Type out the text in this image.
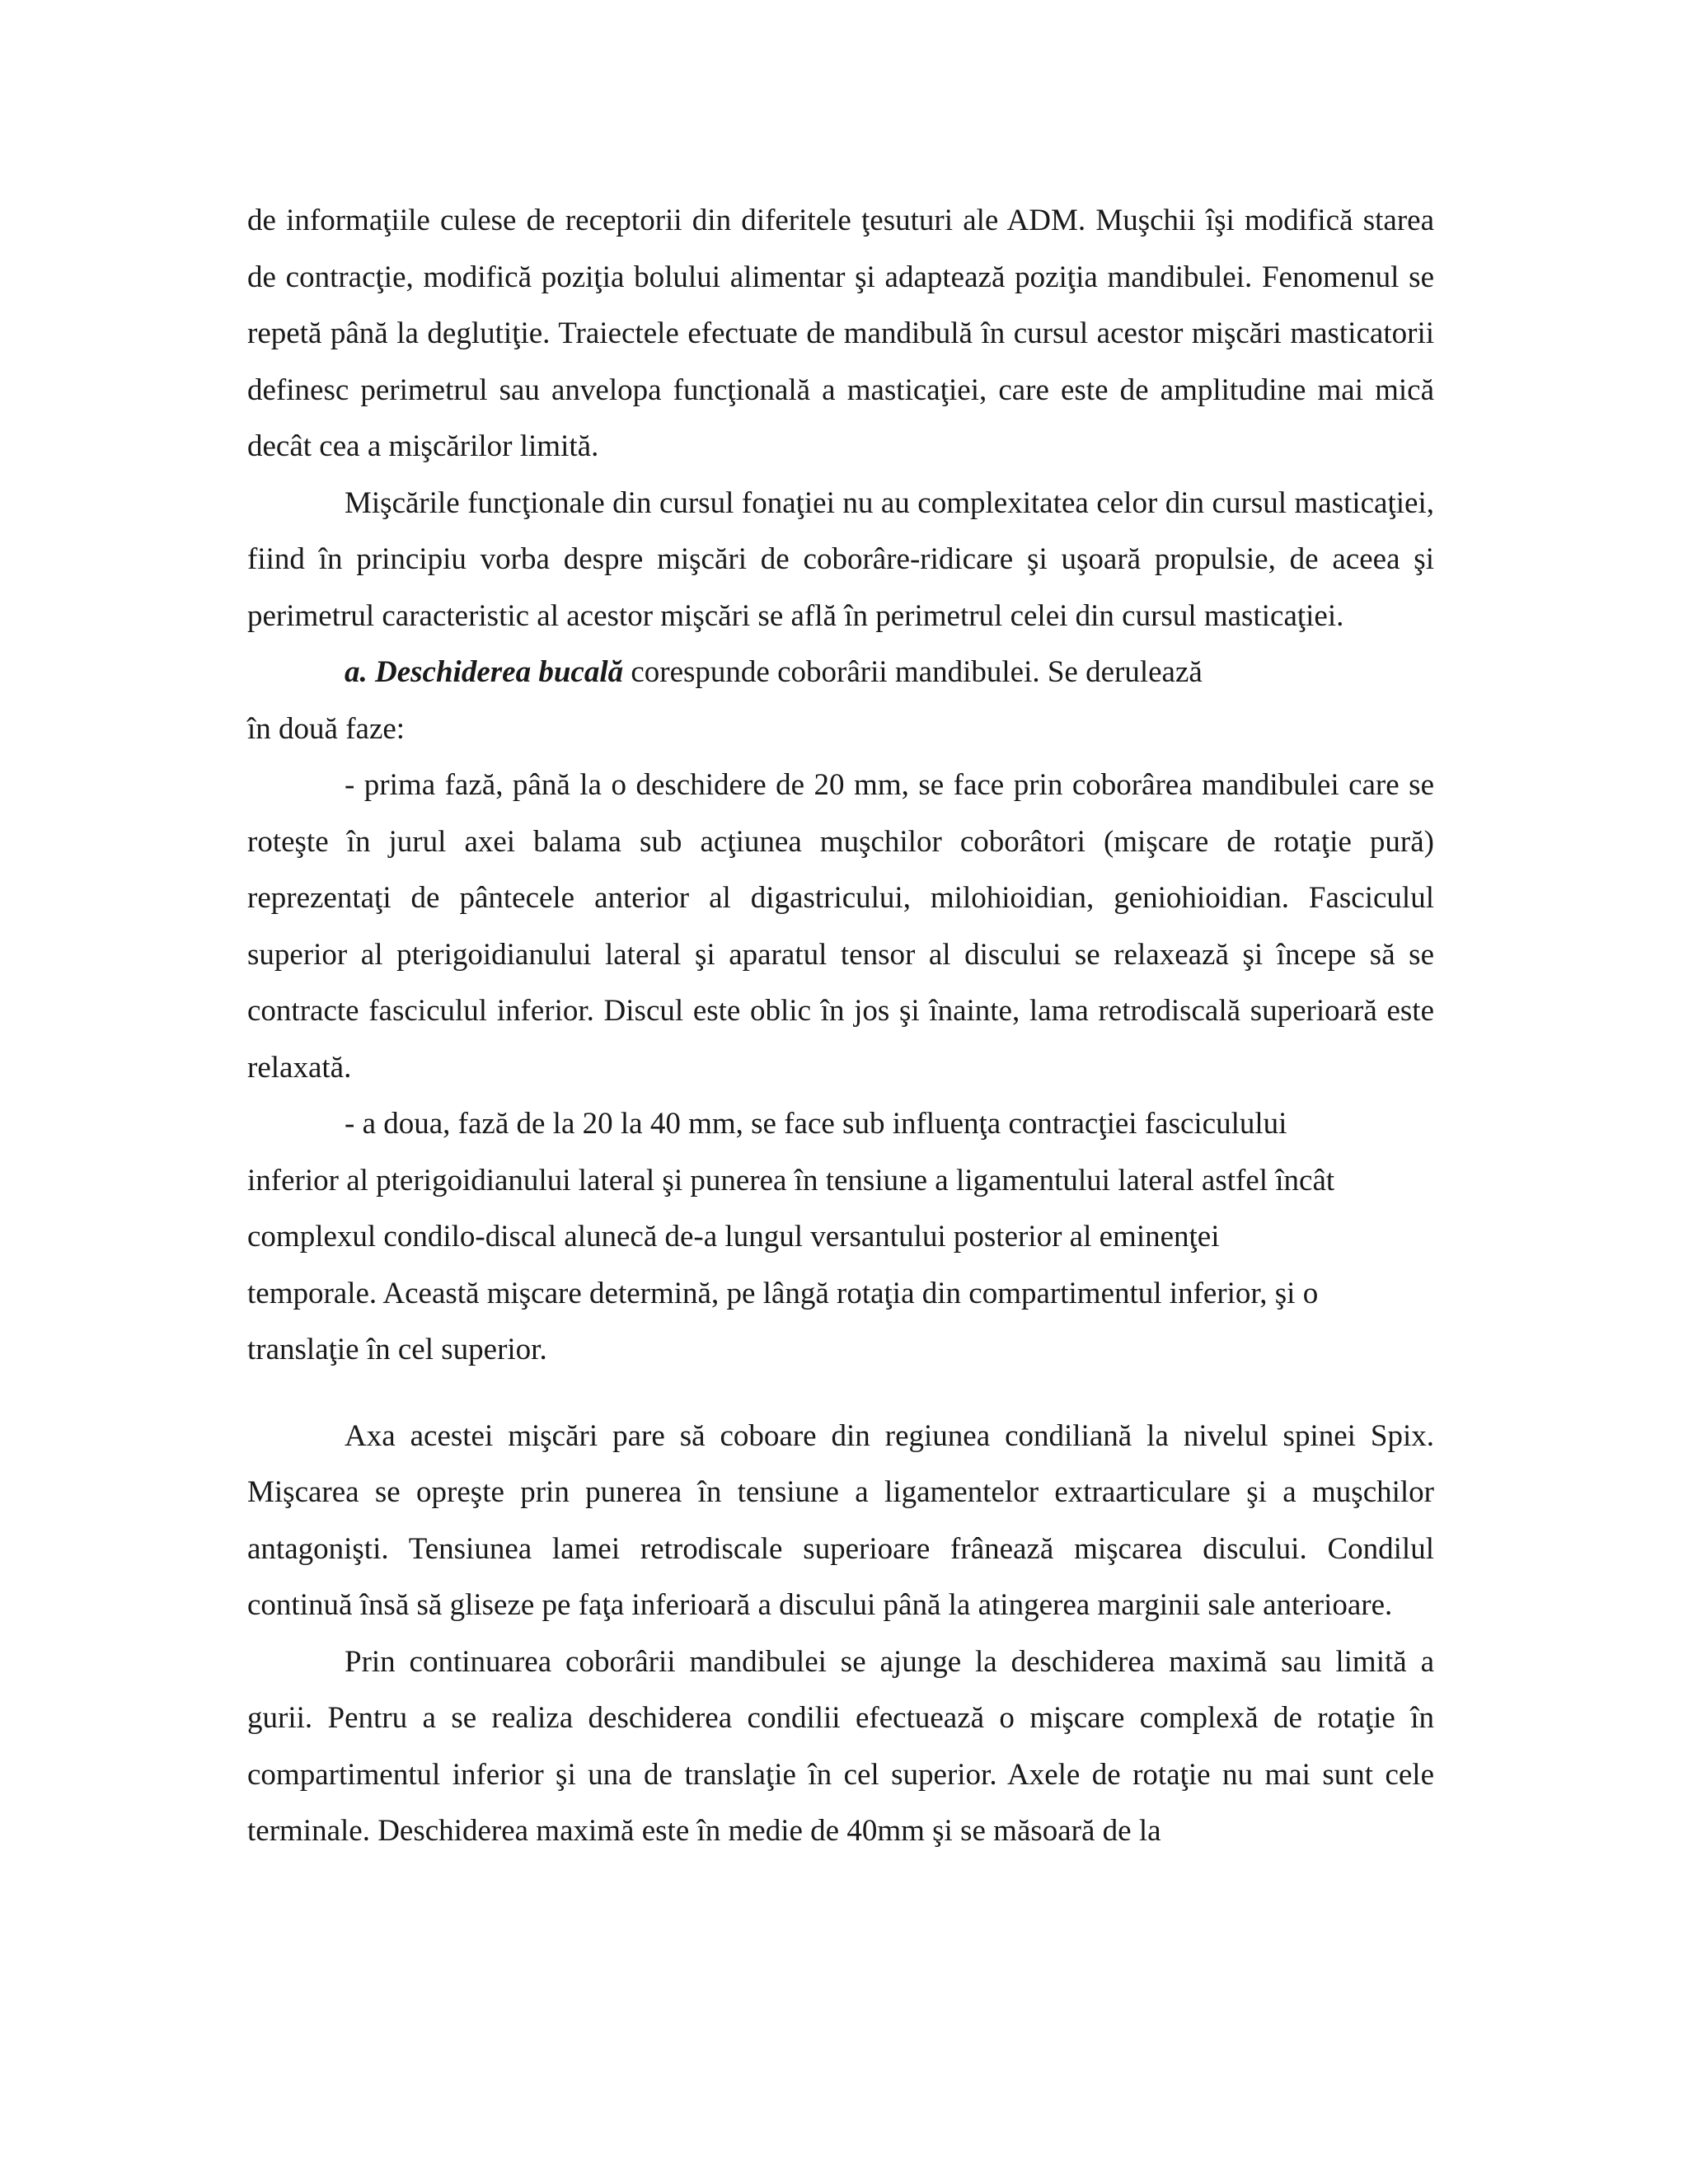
de informaţiile culese de receptorii din diferitele ţesuturi ale ADM. Muşchii îşi modifică starea de contracţie, modifică poziţia bolului alimentar şi adaptează poziţia mandibulei. Fenomenul se repetă până la deglutiţie. Traiectele efectuate de mandibulă în cursul acestor mişcări masticatorii definesc perimetrul sau anvelopa funcţională a masticaţiei, care este de amplitudine mai mică decât cea a mişcărilor limită.

Mişcările funcţionale din cursul fonaţiei nu au complexitatea celor din cursul masticaţiei, fiind în principiu vorba despre mişcări de coborâre-ridicare şi uşoară propulsie, de aceea şi perimetrul caracteristic al acestor mişcări se află în perimetrul celei din cursul masticaţiei.

a. Deschiderea bucală corespunde coborârii mandibulei. Se derulează

în două faze:

- prima fază, până la o deschidere de 20 mm, se face prin coborârea mandibulei care se roteşte în jurul axei balama sub acţiunea muşchilor coborâtori (mişcare de rotaţie pură) reprezentaţi de pântecele anterior al digastricului, milohioidian, geniohioidian. Fasciculul superior al pterigoidianului lateral şi aparatul tensor al discului se relaxează şi începe să se contracte fasciculul inferior. Discul este oblic în jos şi înainte, lama retrodiscală superioară este relaxată.

- a doua, fază de la 20 la 40 mm, se face sub influenţa contracţiei fasciculului

inferior al pterigoidianului lateral şi punerea în tensiune a ligamentului lateral astfel încât

complexul condilo-discal alunecă de-a lungul versantului posterior al eminenţei

temporale. Această mişcare determină, pe lângă rotaţia din compartimentul inferior, şi o

translaţie în cel superior.

Axa acestei mişcări pare să coboare din regiunea condiliană la nivelul spinei Spix. Mişcarea se opreşte prin punerea în tensiune a ligamentelor extraarticulare şi a muşchilor antagonişti. Tensiunea lamei retrodiscale superioare frânează mişcarea discului. Condilul continuă însă să gliseze pe faţa inferioară a discului până la atingerea marginii sale anterioare.

Prin continuarea coborârii mandibulei se ajunge la deschiderea maximă sau limită a gurii. Pentru a se realiza deschiderea condilii efectuează o mişcare complexă de rotaţie în compartimentul inferior şi una de translaţie în cel superior. Axele de rotaţie nu mai sunt cele terminale. Deschiderea maximă este în medie de 40mm şi se măsoară de la
